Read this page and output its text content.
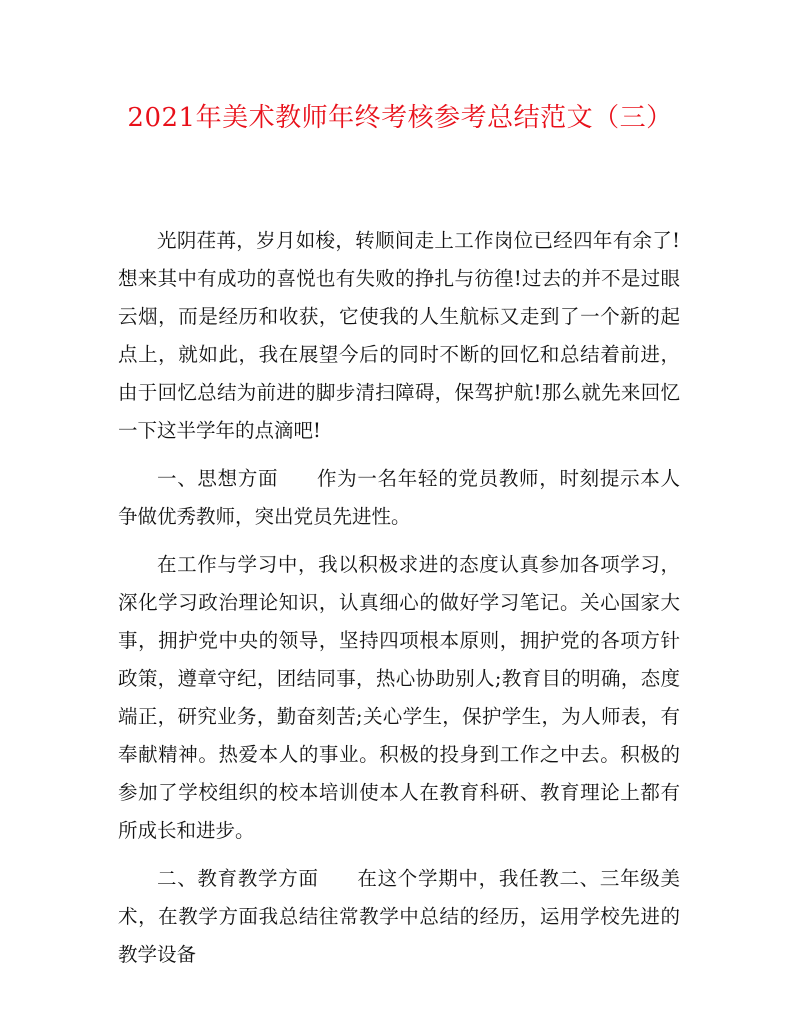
2021年美术教师年终考核参考总结范文（三）

光阴荏苒，岁月如梭，转顺间走上工作岗位已经四年有余了!想来其中有成功的喜悦也有失败的挣扎与彷徨!过去的并不是过眼云烟，而是经历和收获，它使我的人生航标又走到了一个新的起点上，就如此，我在展望今后的同时不断的回忆和总结着前进，由于回忆总结为前进的脚步清扫障碍，保驾护航!那么就先来回忆一下这半学年的点滴吧!

一、思想方面 作为一名年轻的党员教师，时刻提示本人争做优秀教师，突出党员先进性。

在工作与学习中，我以积极求进的态度认真参加各项学习，深化学习政治理论知识，认真细心的做好学习笔记。关心国家大事，拥护党中央的领导，坚持四项根本原则，拥护党的各项方针政策，遵章守纪，团结同事，热心协助别人;教育目的明确，态度端正，研究业务，勤奋刻苦;关心学生，保护学生，为人师表，有奉献精神。热爱本人的事业。积极的投身到工作之中去。积极的参加了学校组织的校本培训使本人在教育科研、教育理论上都有所成长和进步。

二、教育教学方面 在这个学期中，我任教二、三年级美术，在教学方面我总结往常教学中总结的经历，运用学校先进的教学设备
